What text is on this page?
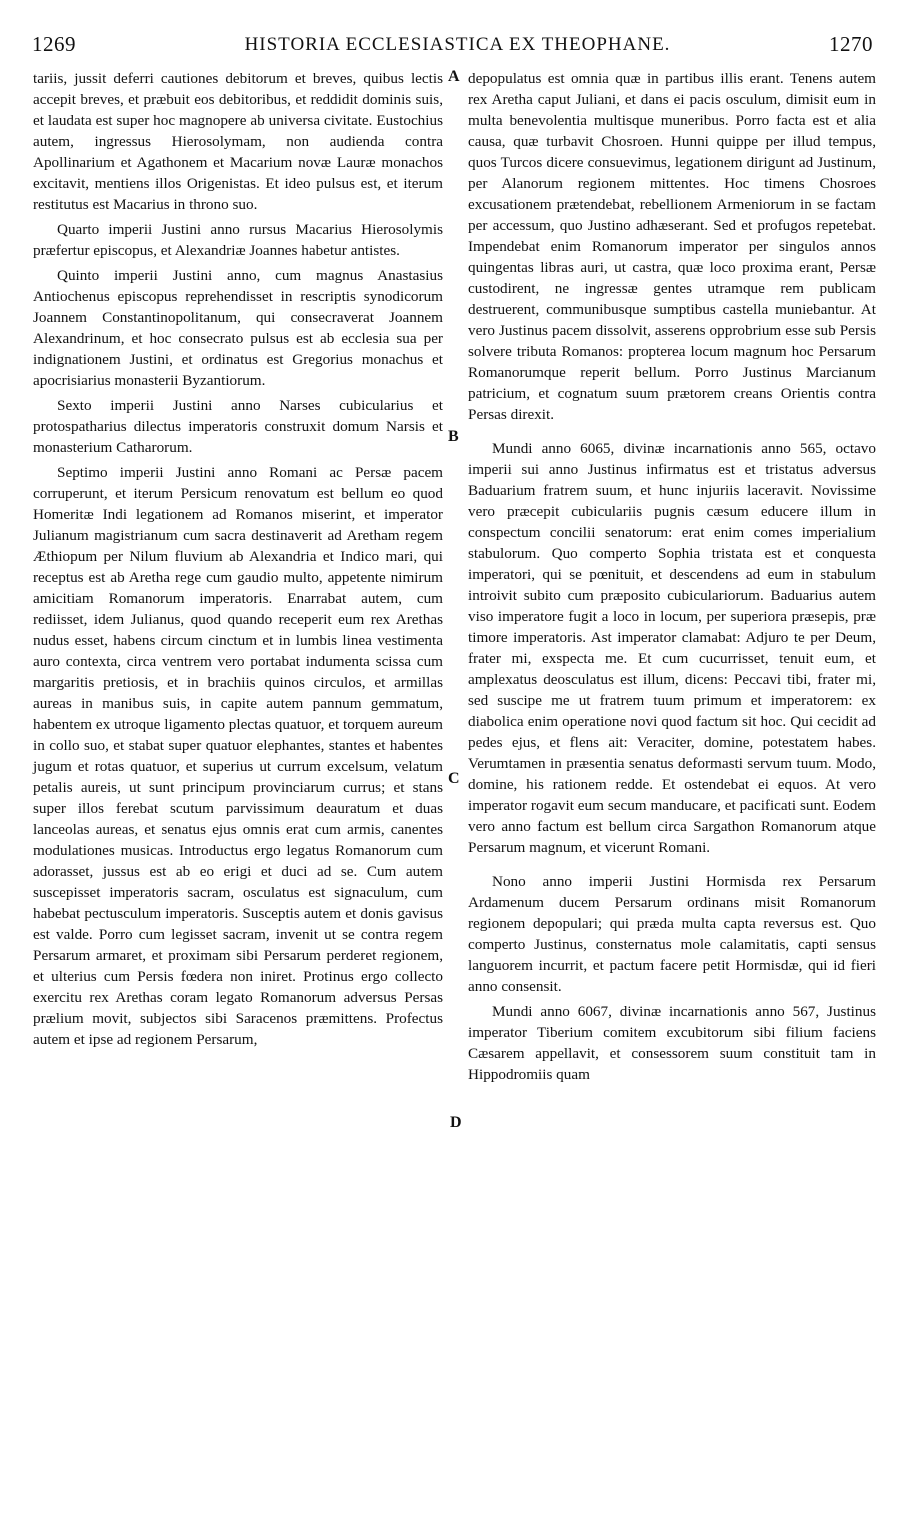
1269	HISTORIA ECCLESIASTICA EX THEOPHANE.	1270

tariis, jussit deferri cautiones debitorum et breves, quibus lectis accepit breves, et præbuit eos debitoribus, et reddidit dominis suis, et laudata est super hoc magnopere ab universa civitate. Eustochius autem, ingressus Hierosolymam, non audienda contra Apollinarium et Agathonem et Macarium novæ Lauræ monachos excitavit, mentiens illos Origenistas. Et ideo pulsus est, et iterum restitutus est Macarius in throno suo.

Quarto imperii Justini anno rursus Macarius Hierosolymis præfertur episcopus, et Alexandriæ Joannes habetur antistes.

Quinto imperii Justini anno, cum magnus Anastasius Antiochenus episcopus reprehendisset in rescriptis synodicorum Joannem Constantinopolitanum, qui consecraverat Joannem Alexandrinum, et hoc consecrato pulsus est ab ecclesia sua per indignationem Justini, et ordinatus est Gregorius monachus et apocrisiarius monasterii Byzantiorum.

Sexto imperii Justini anno Narses cubicularius et protospatharius dilectus imperatoris construxit domum Narsis et monasterium Catharorum.

Septimo imperii Justini anno Romani ac Persæ pacem corruperunt, et iterum Persicum renovatum est bellum eo quod Homeritæ Indi legationem ad Romanos miserint, et imperator Julianum magistrianum cum sacra destinaverit ad Aretham regem Æthiopum per Nilum fluvium ab Alexandria et Indico mari, qui receptus est ab Aretha rege cum gaudio multo, appetente nimirum amicitiam Romanorum imperatoris. Enarrabat autem, cum rediisset, idem Julianus, quod quando receperit eum rex Arethas nudus esset, habens circum cinctum et in lumbis linea vestimenta auro contexta, circa ventrem vero portabat indumenta scissa cum margaritis pretiosis, et in brachiis quinos circulos, et armillas aureas in manibus suis, in capite autem pannum gemmatum, habentem ex utroque ligamento plectas quatuor, et torquem aureum in collo suo, et stabat super quatuor elephantes, stantes et habentes jugum et rotas quatuor, et superius ut currum excelsum, velatum petalis aureis, ut sunt principum provinciarum currus; et stans super illos ferebat scutum parvissimum deauratum et duas lanceolas aureas, et senatus ejus omnis erat cum armis, canentes modulationes musicas. Introductus ergo legatus Romanorum cum adorasset, jussus est ab eo erigi et duci ad se. Cum autem suscepisset imperatoris sacram, osculatus est signaculum, cum habebat pectusculum imperatoris. Susceptis autem et donis gavisus est valde. Porro cum legisset sacram, invenit ut se contra regem Persarum armaret, et proximam sibi Persarum perderet regionem, et ulterius cum Persis fœdera non iniret. Protinus ergo collecto exercitu rex Arethas coram legato Romanorum adversus Persas prælium movit, subjectos sibi Saracenos præmittens. Profectus autem et ipse ad regionem Persarum,

A
B
C
D

depopulatus est omnia quæ in partibus illis erant. Tenens autem rex Aretha caput Juliani, et dans ei pacis osculum, dimisit eum in multa benevolentia multisque muneribus. Porro facta est et alia causa, quæ turbavit Chosroen. Hunni quippe per illud tempus, quos Turcos dicere consuevimus, legationem dirigunt ad Justinum, per Alanorum regionem mittentes. Hoc timens Chosroes excusationem prætendebat, rebellionem Armeniorum in se factam per accessum, quo Justino adhæserant. Sed et profugos repetebat. Impendebat enim Romanorum imperator per singulos annos quingentas libras auri, ut castra, quæ loco proxima erant, Persæ custodirent, ne ingressæ gentes utramque rem publicam destruerent, communibusque sumptibus castella muniebantur. At vero Justinus pacem dissolvit, asserens opprobrium esse sub Persis solvere tributa Romanos: propterea locum magnum hoc Persarum Romanorumque reperit bellum. Porro Justinus Marcianum patricium, et cognatum suum prætorem creans Orientis contra Persas direxit.

Mundi anno 6065, divinæ incarnationis anno 565, octavo imperii sui anno Justinus infirmatus est et tristatus adversus Baduarium fratrem suum, et hunc injuriis laceravit. Novissime vero præcepit cubiculariis pugnis cæsum educere illum in conspectum concilii senatorum: erat enim comes imperialium stabulorum. Quo comperto Sophia tristata est et conquesta imperatori, qui se pœnituit, et descendens ad eum in stabulum introivit subito cum præposito cubiculariorum. Baduarius autem viso imperatore fugit a loco in locum, per superiora præsepis, præ timore imperatoris. Ast imperator clamabat: Adjuro te per Deum, frater mi, exspecta me. Et cum cucurrisset, tenuit eum, et amplexatus deosculatus est illum, dicens: Peccavi tibi, frater mi, sed suscipe me ut fratrem tuum primum et imperatorem: ex diabolica enim operatione novi quod factum sit hoc. Qui cecidit ad pedes ejus, et flens ait: Veraciter, domine, potestatem habes. Verumtamen in præsentia senatus deformasti servum tuum. Modo, domine, his rationem redde. Et ostendebat ei equos. At vero imperator rogavit eum secum manducare, et pacificati sunt. Eodem vero anno factum est bellum circa Sargathon Romanorum atque Persarum magnum, et vicerunt Romani.

Nono anno imperii Justini Hormisda rex Persarum Ardamenum ducem Persarum ordinans misit Romanorum regionem depopulari; qui præda multa capta reversus est. Quo comperto Justinus, consternatus mole calamitatis, capti sensus languorem incurrit, et pactum facere petit Hormisdæ, qui id fieri anno consensit.

Mundi anno 6067, divinæ incarnationis anno 567, Justinus imperator Tiberium comitem excubitorum sibi filium faciens Cæsarem appellavit, et consessorem suum constituit tam in Hippodromiis quam
